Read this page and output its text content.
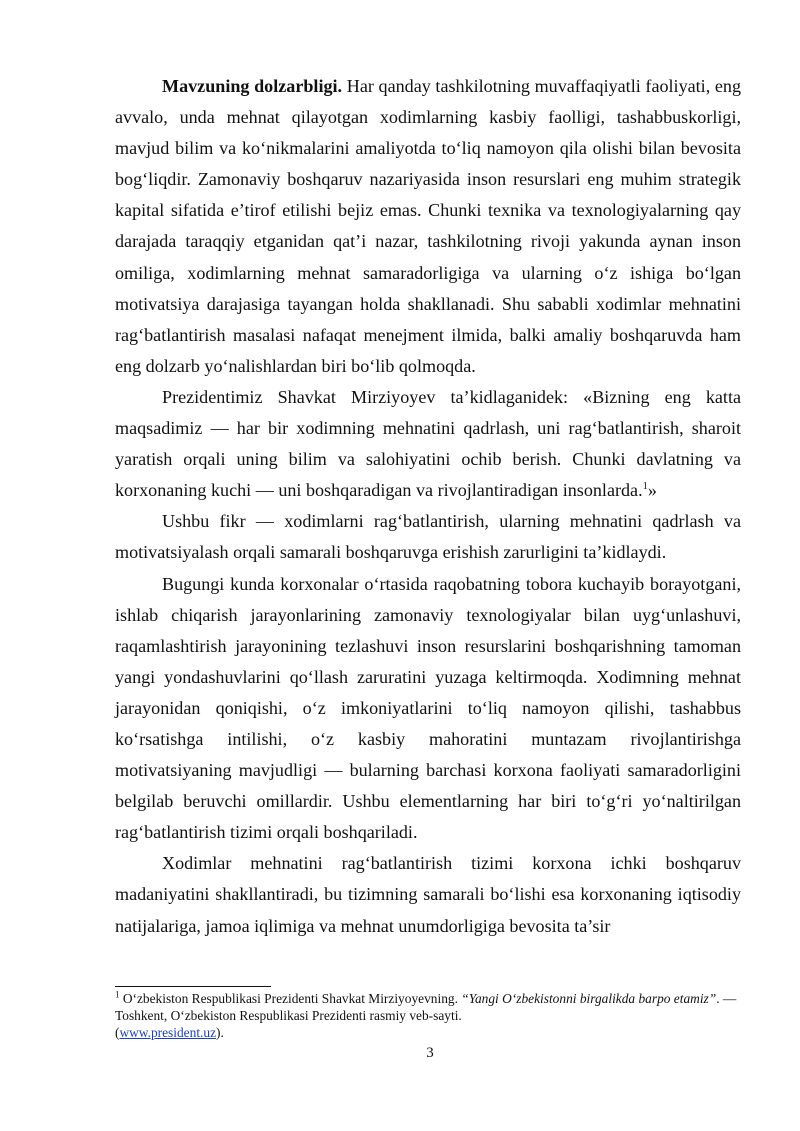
Mavzuning dolzarbligi. Har qanday tashkilotning muvaffaqiyatli faoliyati, eng avvalo, unda mehnat qilayotgan xodimlarning kasbiy faolligi, tashabbuskorligi, mavjud bilim va ko‘nikmalarini amaliyotda to‘liq namoyon qila olishi bilan bevosita bog‘liqdir. Zamonaviy boshqaruv nazariyasida inson resurslari eng muhim strategik kapital sifatida e’tirof etilishi bejiz emas. Chunki texnika va texnologiyalarning qay darajada taraqqiy etganidan qat’i nazar, tashkilotning rivoji yakunda aynan inson omiliga, xodimlarning mehnat samaradorligiga va ularning o‘z ishiga bo‘lgan motivatsiya darajasiga tayangan holda shakllanadi. Shu sababli xodimlar mehnatini rag‘batlantirish masalasi nafaqat menejment ilmida, balki amaliy boshqaruvda ham eng dolzarb yo‘nalishlardan biri bo‘lib qolmoqda.

Prezidentimiz Shavkat Mirziyoyev ta’kidlaganidek: «Bizning eng katta maqsadimiz — har bir xodimning mehnatini qadrlash, uni rag‘batlantirish, sharoit yaratish orqali uning bilim va salohiyatini ochib berish. Chunki davlatning va korxonaning kuchi — uni boshqaradigan va rivojlantiradigan insonlarda.$^1$»

Ushbu fikr — xodimlarni rag‘batlantirish, ularning mehnatini qadrlash va motivatsiyalash orqali samarali boshqaruvga erishish zarurligini ta’kidlaydi.

Bugungi kunda korxonalar o‘rtasida raqobatning tobora kuchayib borayotgani, ishlab chiqarish jarayonlarining zamonaviy texnologiyalar bilan uyg‘unlashuvi, raqamlashtirish jarayonining tezlashuvi inson resurslarini boshqarishning tamoman yangi yondashuvlarini qo‘llash zaruratini yuzaga keltirmoqda. Xodimning mehnat jarayonidan qoniqishi, o‘z imkoniyatlarini to‘liq namoyon qilishi, tashabbus ko‘rsatishga intilishi, o‘z kasbiy mahoratini muntazam rivojlantirishga motivatsiyaning mavjudligi — bularning barchasi korxona faoliyati samaradorligini belgilab beruvchi omillardir. Ushbu elementlarning har biri to‘g‘ri yo‘naltirilgan rag‘batlantirish tizimi orqali boshqariladi.

Xodimlar mehnatini rag‘batlantirish tizimi korxona ichki boshqaruv madaniyatini shakllantiradi, bu tizimning samarali bo‘lishi esa korxonaning iqtisodiy natijalariga, jamoa iqlimiga va mehnat unumdorligiga bevosita ta’sir

$^1$ O‘zbekiston Respublikasi Prezidenti Shavkat Mirziyoyevning. “Yangi O‘zbekistonni birgalikda barpo etamiz”. — Toshkent, O‘zbekiston Respublikasi Prezidenti rasmiy veb-sayti.
(www.president.uz).
3
